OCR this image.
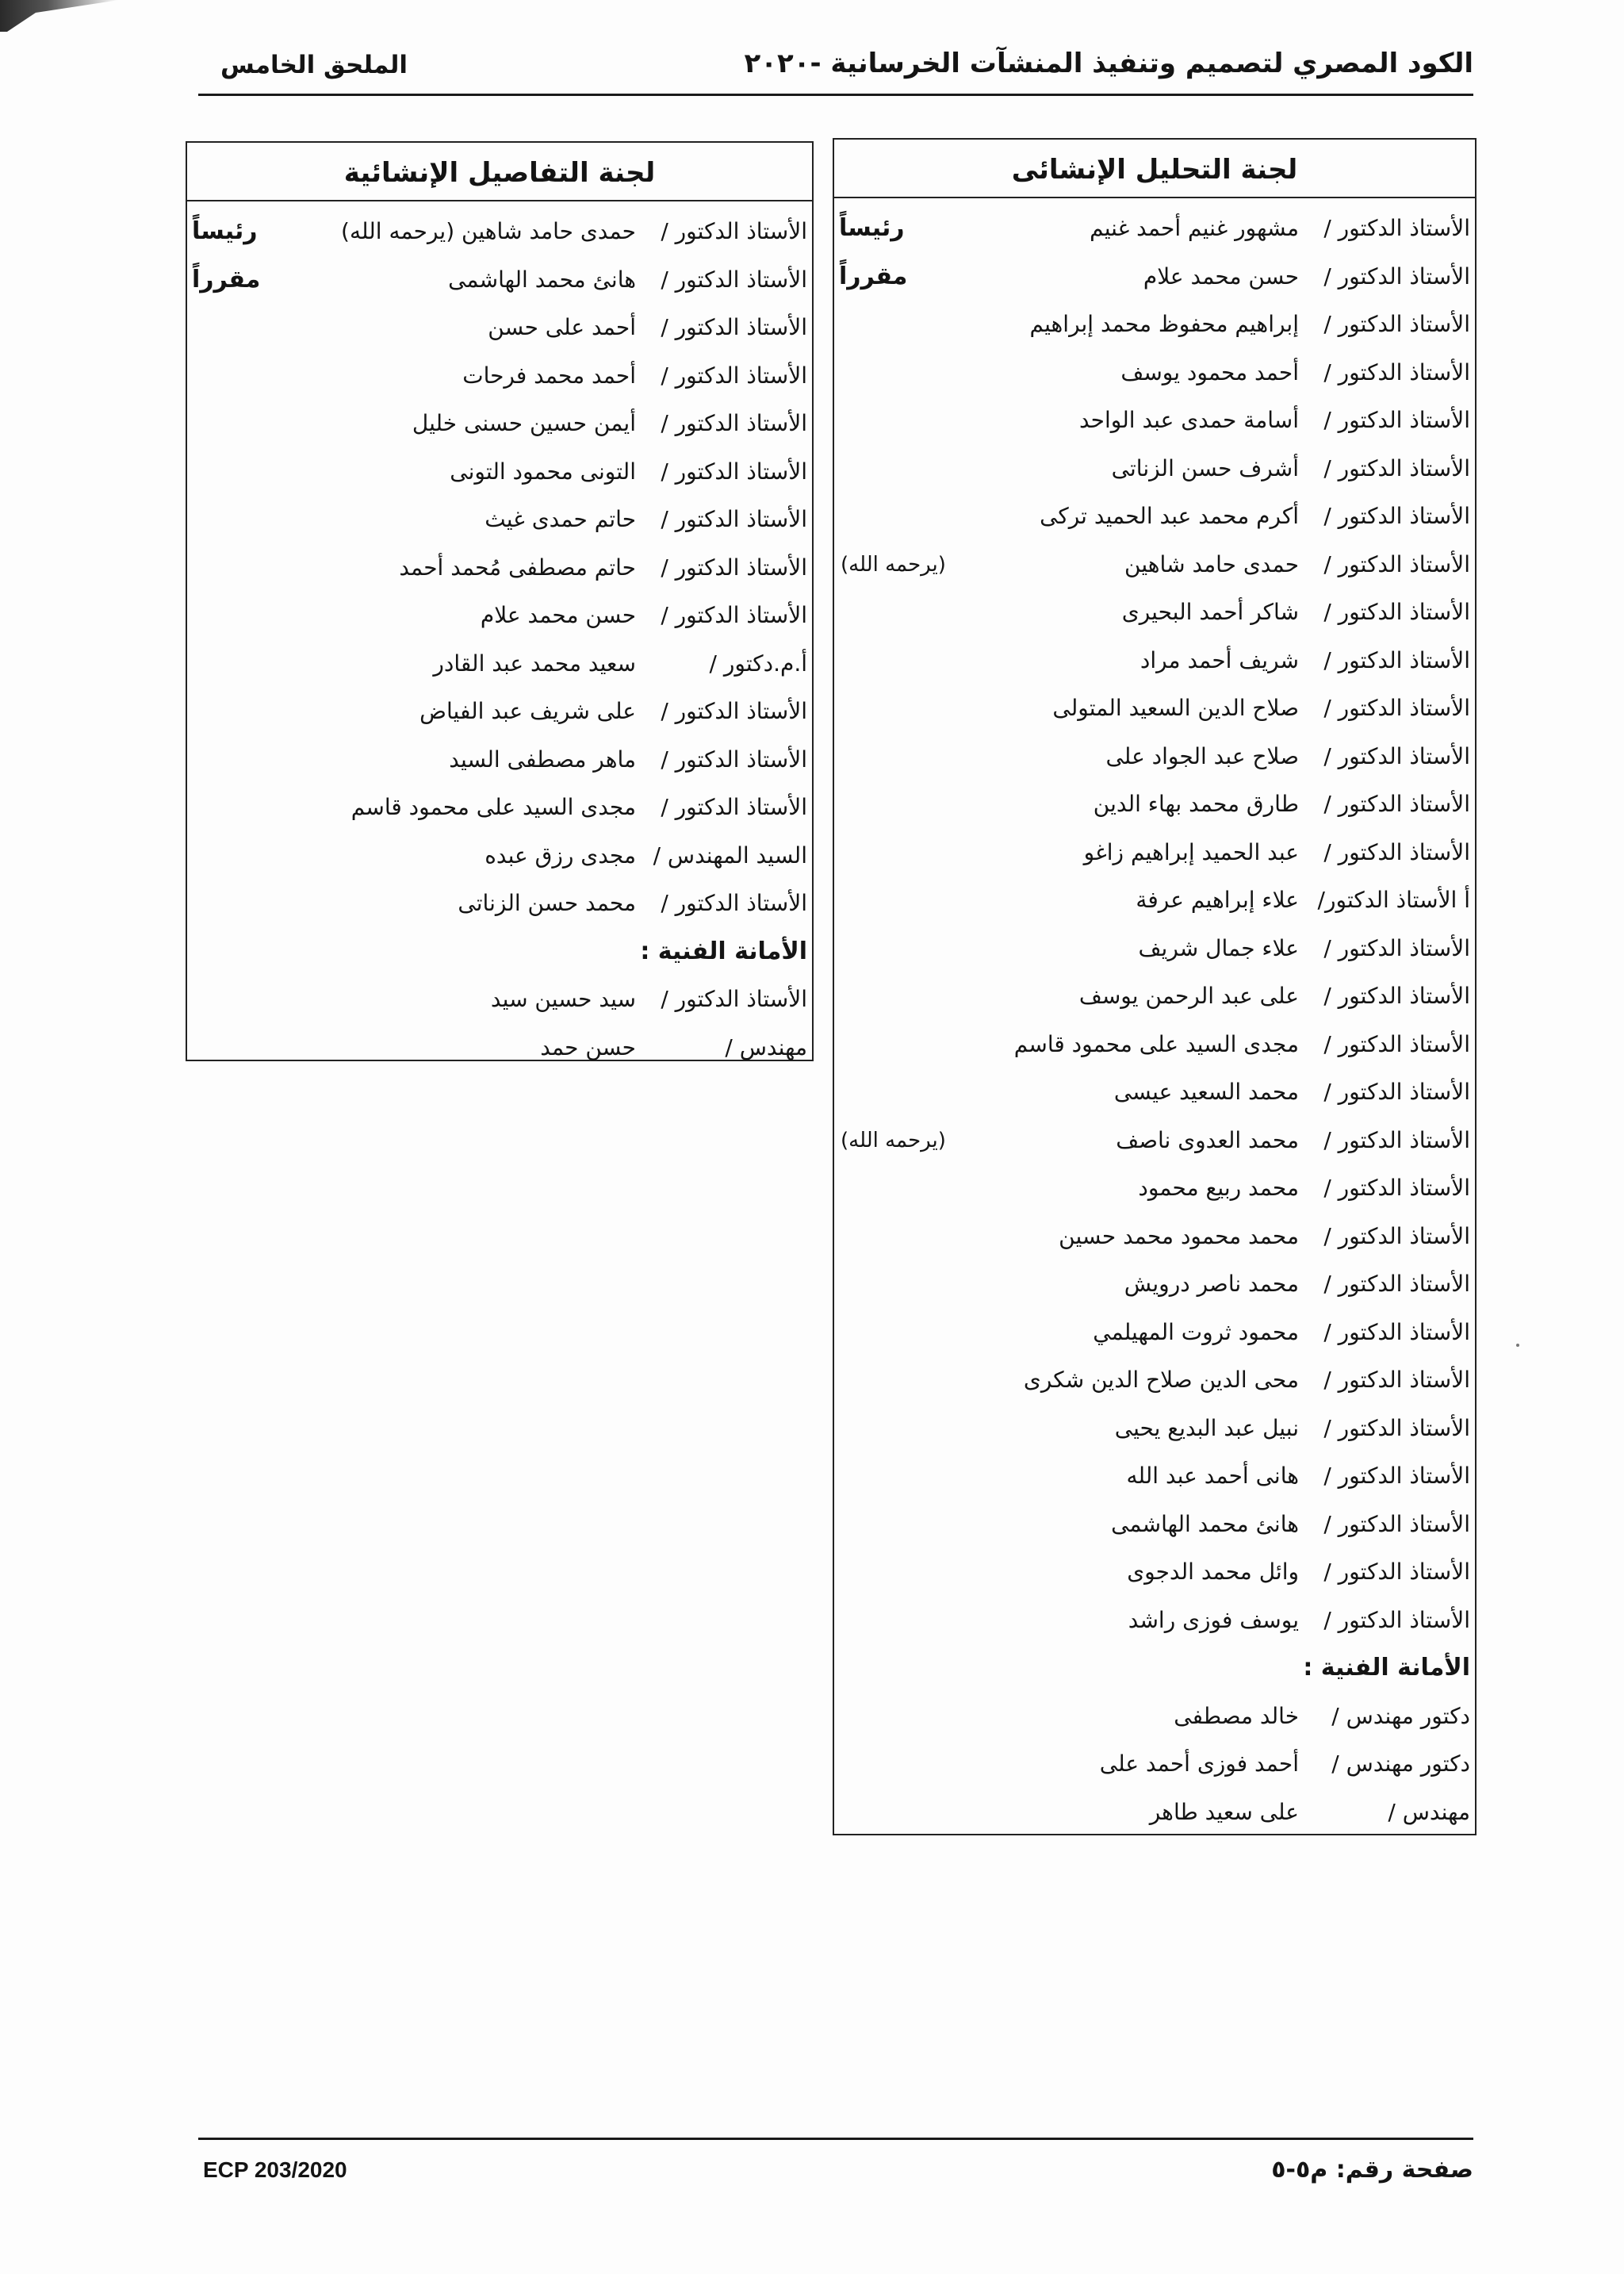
الكود المصري لتصميم وتنفيذ المنشآت الخرسانية -٢٠٢٠
الملحق الخامس
لجنة التحليل الإنشائى
الأستاذ الدكتور /
مشهور غنيم أحمد غنيم
رئيساً
الأستاذ الدكتور /
حسن محمد علام
مقرراً
الأستاذ الدكتور /
إبراهيم محفوظ محمد إبراهيم
الأستاذ الدكتور /
أحمد محمود يوسف
الأستاذ الدكتور /
أسامة حمدى عبد الواحد
الأستاذ الدكتور /
أشرف حسن الزناتى
الأستاذ الدكتور /
أكرم محمد عبد الحميد تركى
الأستاذ الدكتور /
حمدى حامد شاهين
(يرحمه الله)
الأستاذ الدكتور /
شاكر أحمد البحيرى
الأستاذ الدكتور /
شريف أحمد مراد
الأستاذ الدكتور /
صلاح الدين السعيد المتولى
الأستاذ الدكتور /
صلاح عبد الجواد على
الأستاذ الدكتور /
طارق محمد بهاء الدين
الأستاذ الدكتور /
عبد الحميد إبراهيم زاغو
أ الأستاذ الدكتور/
علاء إبراهيم عرفة
الأستاذ الدكتور /
علاء جمال شريف
الأستاذ الدكتور /
على عبد الرحمن يوسف
الأستاذ الدكتور /
مجدى السيد على محمود قاسم
الأستاذ الدكتور /
محمد السعيد عيسى
الأستاذ الدكتور /
محمد العدوى ناصف
(يرحمه الله)
الأستاذ الدكتور /
محمد ربيع محمود
الأستاذ الدكتور /
محمد محمود محمد حسين
الأستاذ الدكتور /
محمد ناصر درويش
الأستاذ الدكتور /
محمود ثروت المهيلمي
الأستاذ الدكتور /
محى الدين صلاح الدين شكرى
الأستاذ الدكتور /
نبيل عبد البديع يحيى
الأستاذ الدكتور /
هانى أحمد عبد الله
الأستاذ الدكتور /
هانئ محمد الهاشمى
الأستاذ الدكتور /
وائل محمد الدجوى
الأستاذ الدكتور /
يوسف فوزى راشد
الأمانة الفنية :
دكتور مهندس /
خالد مصطفى
دكتور مهندس /
أحمد فوزى أحمد على
مهندس /
على سعيد طاهر
لجنة التفاصيل الإنشائية
الأستاذ الدكتور /
حمدى حامد شاهين (يرحمه الله)
رئيساً
الأستاذ الدكتور /
هانئ محمد الهاشمى
مقرراً
الأستاذ الدكتور /
أحمد على حسن
الأستاذ الدكتور /
أحمد محمد فرحات
الأستاذ الدكتور /
أيمن حسين حسنى خليل
الأستاذ الدكتور /
التونى محمود التونى
الأستاذ الدكتور /
حاتم حمدى غيث
الأستاذ الدكتور /
حاتم مصطفى مُحمد أحمد
الأستاذ الدكتور /
حسن محمد علام
أ.م.دكتور /
سعيد محمد عبد القادر
الأستاذ الدكتور /
على شريف عبد الفياض
الأستاذ الدكتور /
ماهر مصطفى السيد
الأستاذ الدكتور /
مجدى السيد على محمود قاسم
السيد المهندس /
مجدى رزق عبده
الأستاذ الدكتور /
محمد حسن الزناتى
الأمانة الفنية :
الأستاذ الدكتور /
سيد حسين سيد
مهندس /
حسن حمد
ECP 203/2020	صفحة رقم: م٥-٥
